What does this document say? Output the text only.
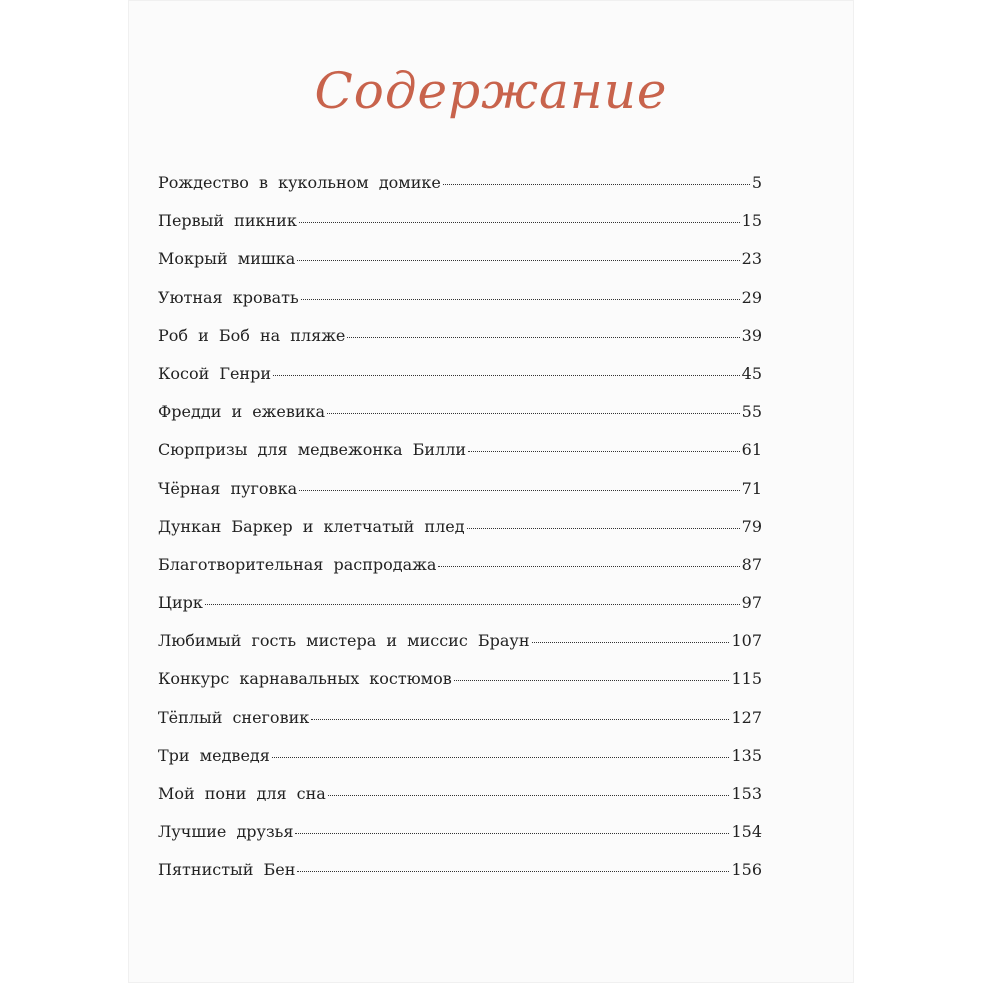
Содержание
Рождество в кукольном домике	5
Первый пикник	15
Мокрый мишка	23
Уютная кровать	29
Роб и Боб на пляже	39
Косой Генри	45
Фредди и ежевика	55
Сюрпризы для медвежонка Билли	61
Чёрная пуговка	71
Дункан Баркер и клетчатый плед	79
Благотворительная распродажа	87
Цирк	97
Любимый гость мистера и миссис Браун	107
Конкурс карнавальных костюмов	115
Тёплый снеговик	127
Три медведя	135
Мой пони для сна	153
Лучшие друзья	154
Пятнистый Бен	156
